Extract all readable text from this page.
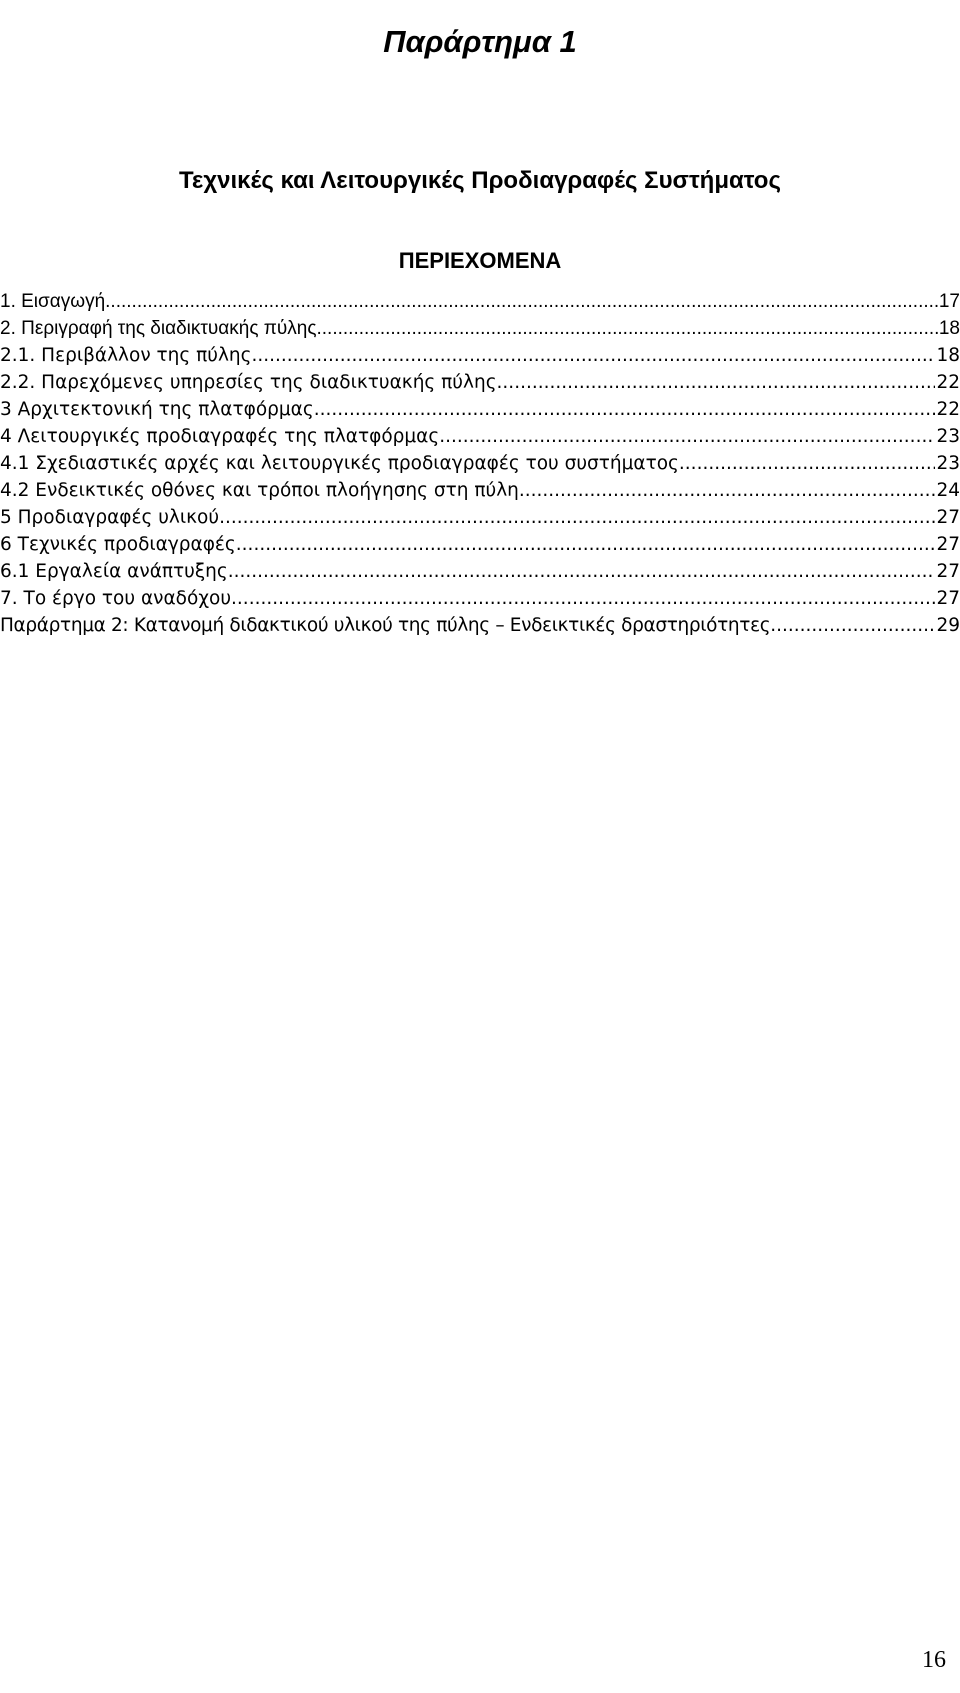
Παράρτημα 1
Τεχνικές και Λειτουργικές Προδιαγραφές Συστήματος
ΠΕΡΙΕΧΟΜΕΝΑ
1. Εισαγωγή .....	17
2. Περιγραφή της διαδικτυακής πύλης .....	18
2.1. Περιβάλλον της πύλης .....	18
2.2. Παρεχόμενες υπηρεσίες της διαδικτυακής πύλης .....	22
3 Αρχιτεκτονική της πλατφόρμας .....	22
4 Λειτουργικές προδιαγραφές της πλατφόρμας .....	23
4.1 Σχεδιαστικές αρχές και λειτουργικές προδιαγραφές του συστήματος .....	23
4.2 Ενδεικτικές οθόνες και τρόποι πλοήγησης στη πύλη .....	24
5 Προδιαγραφές υλικού .....	27
6 Τεχνικές προδιαγραφές .....	27
6.1 Εργαλεία ανάπτυξης .....	27
7. Το έργο του αναδόχου .....	27
Παράρτημα 2: Κατανομή διδακτικού υλικού της πύλης – Ενδεικτικές δραστηριότητες .....	29
16
